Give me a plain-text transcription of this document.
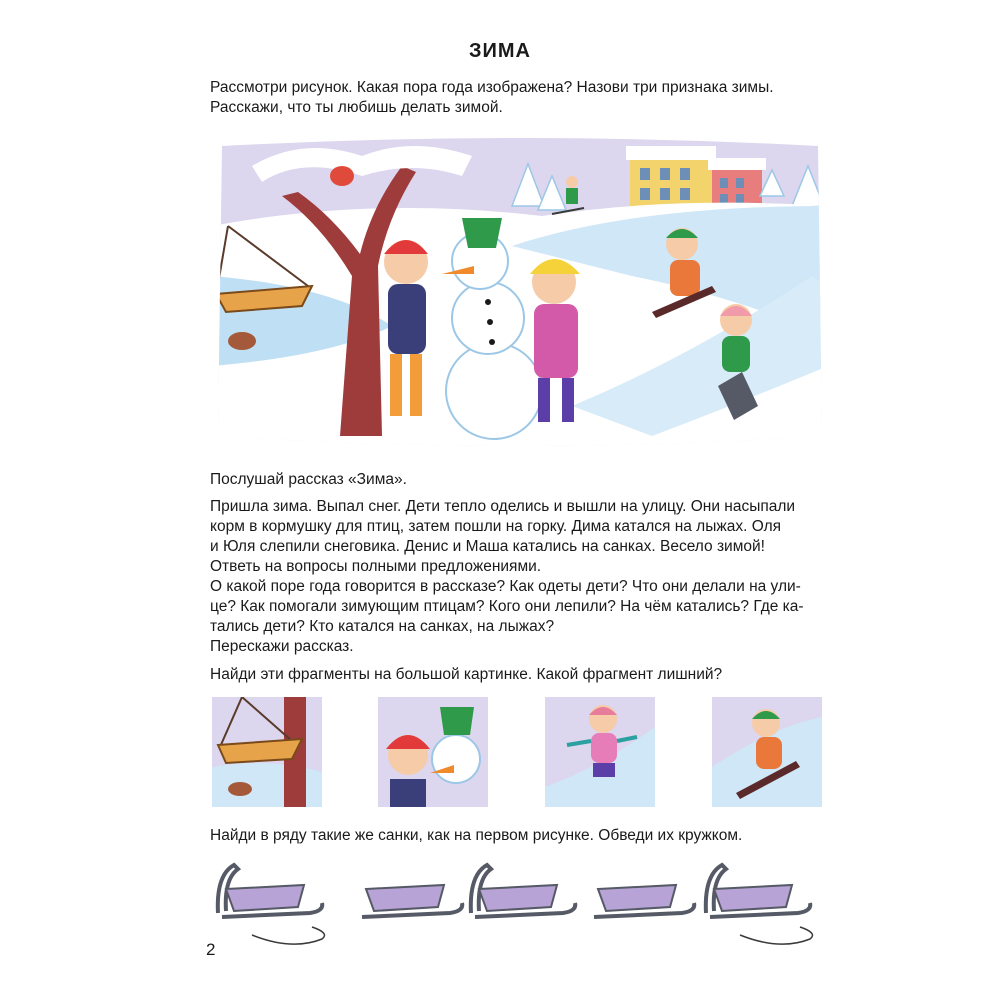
ЗИМА

Рассмотри рисунок. Какая пора года изображена? Назови три признака зимы.

Расскажи, что ты любишь делать зимой.

Послушай рассказ «Зима».

Пришла зима. Выпал снег. Дети тепло оделись и вышли на улицу. Они насыпали

корм в кормушку для птиц, затем пошли на горку. Дима катался на лыжах. Оля

и Юля слепили снеговика. Денис и Маша катались на санках. Весело зимой!

Ответь на вопросы полными предложениями.

О какой поре года говорится в рассказе? Как одеты дети? Что они делали на ули-

це? Как помогали зимующим птицам? Кого они лепили? На чём катались? Где ка-

тались дети? Кто катался на санках, на лыжах?

Перескажи рассказ.

Найди эти фрагменты на большой картинке. Какой фрагмент лишний?
Найди в ряду такие же санки, как на первом рисунке. Обведи их кружком.
2
